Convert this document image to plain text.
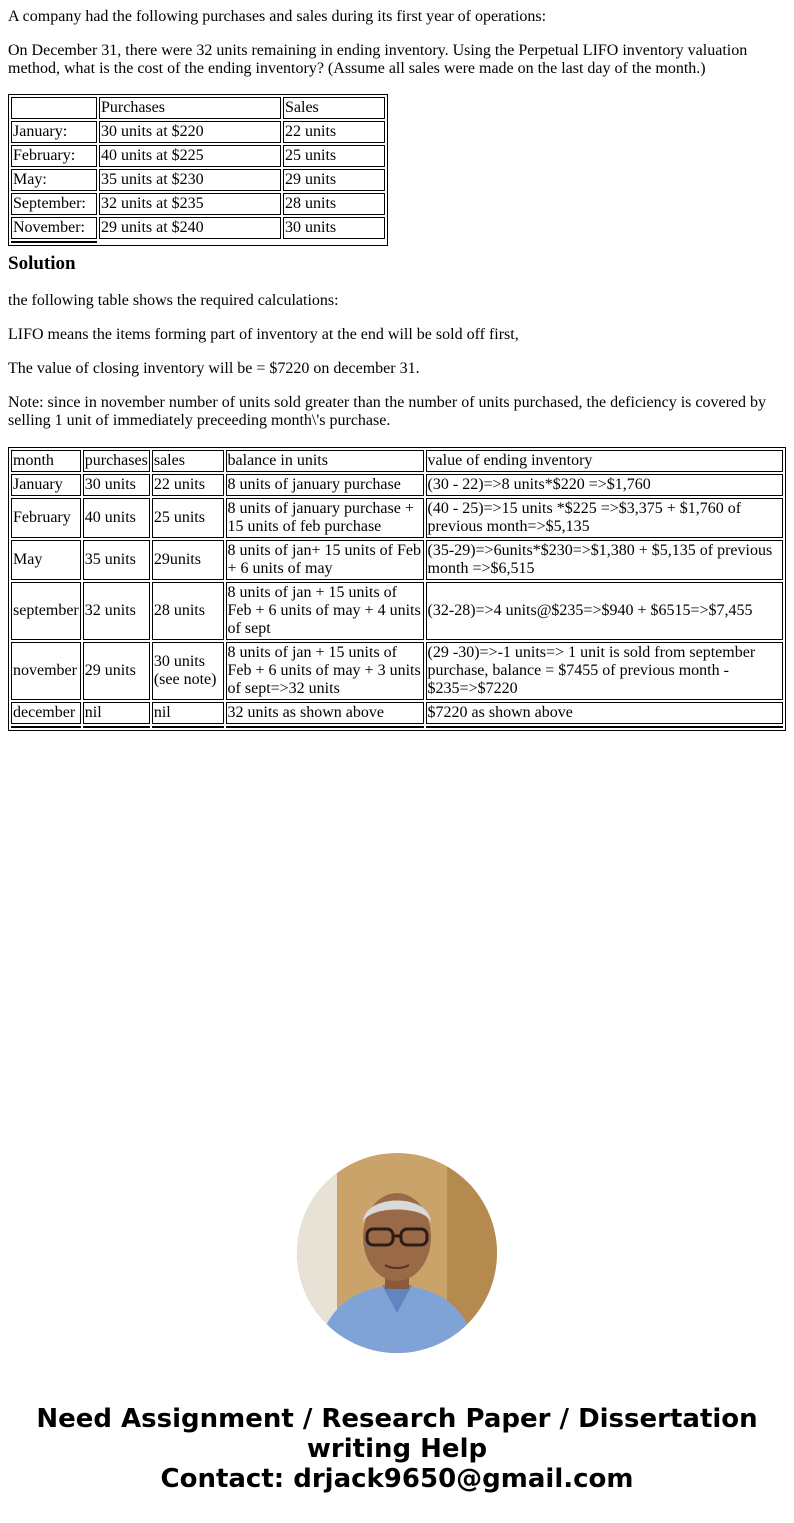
A company had the following purchases and sales during its first year of operations:

On December 31, there were 32 units remaining in ending inventory. Using the Perpetual LIFO inventory valuation method, what is the cost of the ending inventory? (Assume all sales were made on the last day of the month.)

	Purchases	Sales
January:	30 units at $220	22 units
February:	40 units at $225	25 units
May:	35 units at $230	29 units
September:	32 units at $235	28 units
November:	29 units at $240	30 units

Solution

the following table shows the required calculations:

LIFO means the items forming part of inventory at the end will be sold off first,

The value of closing inventory will be = $7220 on december 31.

Note: since in november number of units sold greater than the number of units purchased, the deficiency is covered by selling 1 unit of immediately preceeding month\'s purchase.

month	purchases	sales	balance in units	value of ending inventory
January	30 units	22 units	8 units of january purchase	(30 - 22)=>8 units*$220 =>$1,760
February	40 units	25 units	8 units of january purchase + 15 units of feb purchase	(40 - 25)=>15 units *$225 =>$3,375 + $1,760 of previous month=>$5,135
May	35 units	29units	8 units of jan+ 15 units of Feb + 6 units of may	(35-29)=>6units*$230=>$1,380 + $5,135 of previous month =>$6,515
september	32 units	28 units	8 units of jan + 15 units of Feb + 6 units of may + 4 units of sept	(32-28)=>4 units@$235=>$940 + $6515=>$7,455
november	29 units	30 units (see note)	8 units of jan + 15 units of Feb + 6 units of may + 3 units of sept=>32 units	(29 -30)=>-1 units=> 1 unit is sold from september purchase, balance = $7455 of previous month - $235=>$7220
december	nil	nil	32 units as shown above	$7220 as shown above

Need Assignment / Research Paper / Dissertation
writing Help
Contact: drjack9650@gmail.com
